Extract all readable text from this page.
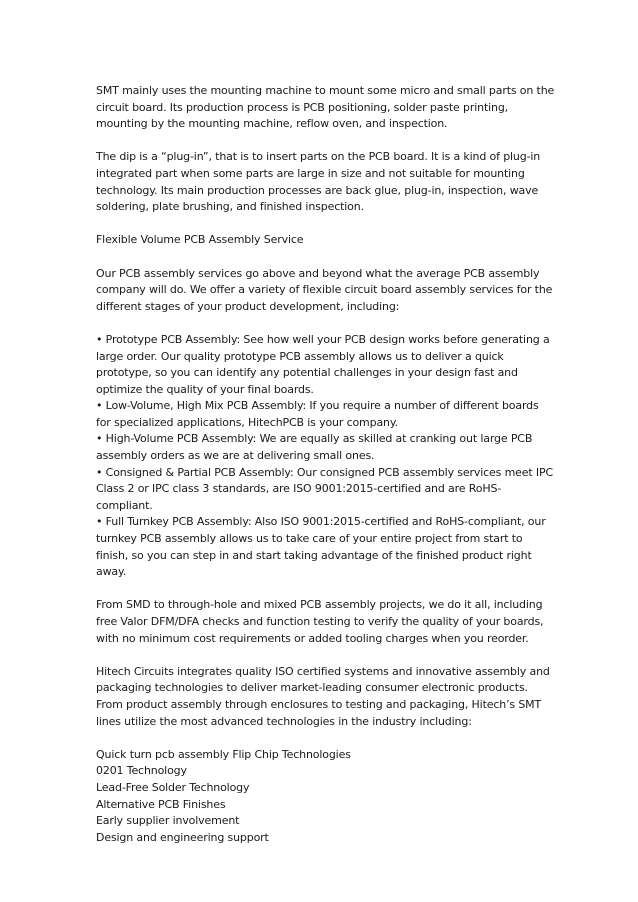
SMT mainly uses the mounting machine to mount some micro and small parts on the circuit board. Its production process is PCB positioning, solder paste printing, mounting by the mounting machine, reflow oven, and inspection.

The dip is a “plug-in”, that is to insert parts on the PCB board. It is a kind of plug-in integrated part when some parts are large in size and not suitable for mounting technology. Its main production processes are back glue, plug-in, inspection, wave soldering, plate brushing, and finished inspection.

Flexible Volume PCB Assembly Service

Our PCB assembly services go above and beyond what the average PCB assembly company will do. We offer a variety of flexible circuit board assembly services for the different stages of your product development, including:

• Prototype PCB Assembly: See how well your PCB design works before generating a large order. Our quality prototype PCB assembly allows us to deliver a quick prototype, so you can identify any potential challenges in your design fast and optimize the quality of your final boards.
• Low-Volume, High Mix PCB Assembly: If you require a number of different boards for specialized applications, HitechPCB is your company.
• High-Volume PCB Assembly: We are equally as skilled at cranking out large PCB assembly orders as we are at delivering small ones.
• Consigned & Partial PCB Assembly: Our consigned PCB assembly services meet IPC Class 2 or IPC class 3 standards, are ISO 9001:2015-certified and are RoHS-compliant.
• Full Turnkey PCB Assembly: Also ISO 9001:2015-certified and RoHS-compliant, our turnkey PCB assembly allows us to take care of your entire project from start to finish, so you can step in and start taking advantage of the finished product right away.

From SMD to through-hole and mixed PCB assembly projects, we do it all, including free Valor DFM/DFA checks and function testing to verify the quality of your boards, with no minimum cost requirements or added tooling charges when you reorder.

Hitech Circuits integrates quality ISO certified systems and innovative assembly and packaging technologies to deliver market-leading consumer electronic products. From product assembly through enclosures to testing and packaging, Hitech’s SMT lines utilize the most advanced technologies in the industry including:

Quick turn pcb assembly Flip Chip Technologies
0201 Technology
Lead-Free Solder Technology
Alternative PCB Finishes
Early supplier involvement
Design and engineering support
